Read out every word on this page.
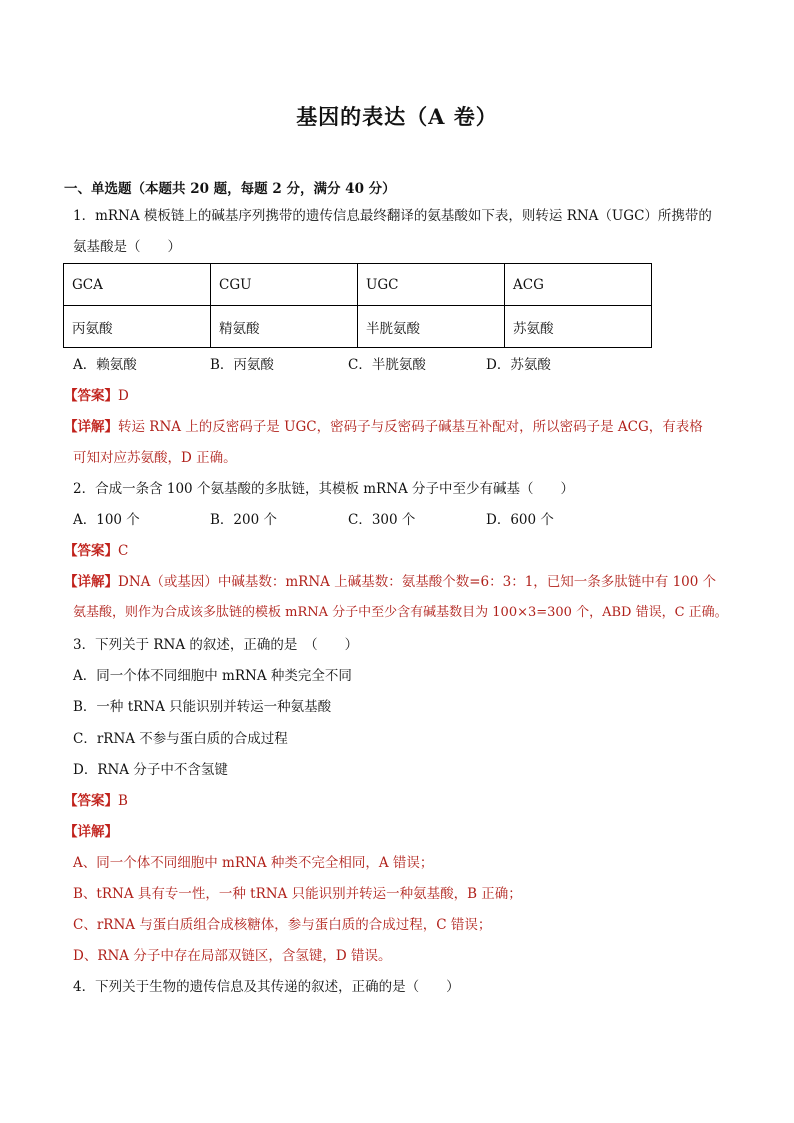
基因的表达（A 卷）
一、单选题（本题共 20 题，每题 2 分，满分 40 分）
1．mRNA 模板链上的碱基序列携带的遗传信息最终翻译的氨基酸如下表，则转运 RNA（UGC）所携带的
氨基酸是（　　）
GCA	CGU	UGC	ACG
丙氨酸	精氨酸	半胱氨酸	苏氨酸
A．赖氨酸	B．丙氨酸	C．半胱氨酸	D．苏氨酸
【答案】D
【详解】转运 RNA 上的反密码子是 UGC，密码子与反密码子碱基互补配对，所以密码子是 ACG，有表格
可知对应苏氨酸，D 正确。
2．合成一条含 100 个氨基酸的多肽链，其模板 mRNA 分子中至少有碱基（　　）
A．100 个	B．200 个	C．300 个	D．600 个
【答案】C
【详解】DNA（或基因）中碱基数：mRNA 上碱基数：氨基酸个数=6：3：1，已知一条多肽链中有 100 个
氨基酸，则作为合成该多肽链的模板 mRNA 分子中至少含有碱基数目为 100×3=300 个，ABD 错误，C 正确。
3．下列关于 RNA 的叙述，正确的是　（　　）
A．同一个体不同细胞中 mRNA 种类完全不同
B．一种 tRNA 只能识别并转运一种氨基酸
C．rRNA 不参与蛋白质的合成过程
D．RNA 分子中不含氢键
【答案】B
【详解】
A、同一个体不同细胞中 mRNA 种类不完全相同，A 错误；
B、tRNA 具有专一性，一种 tRNA 只能识别并转运一种氨基酸，B 正确；
C、rRNA 与蛋白质组合成核糖体，参与蛋白质的合成过程，C 错误；
D、RNA 分子中存在局部双链区，含氢键，D 错误。
4．下列关于生物的遗传信息及其传递的叙述，正确的是（　　）
